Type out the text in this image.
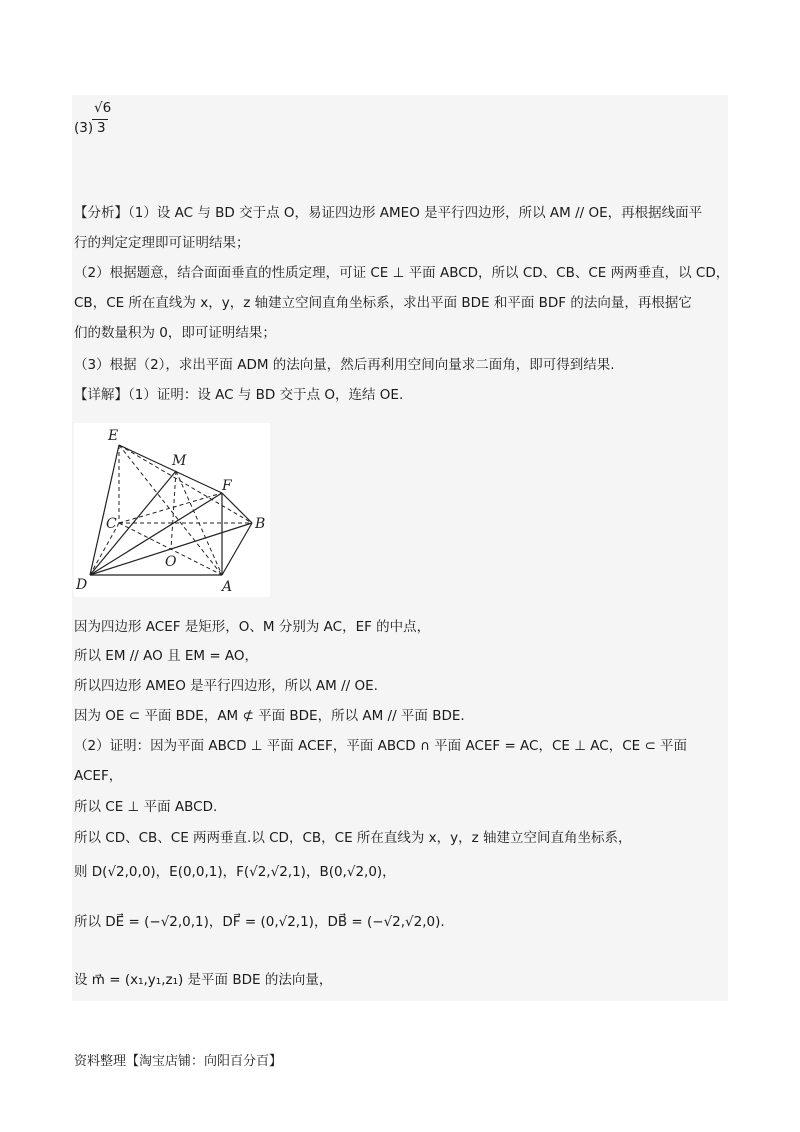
(3)
√6
3
【分析】（1）设 AC 与 BD 交于点 O，易证四边形 AMEO 是平行四边形，所以 AM // OE，再根据线面平
行的判定定理即可证明结果；
（2）根据题意，结合面面垂直的性质定理，可证 CE ⊥ 平面 ABCD，所以 CD、CB、CE 两两垂直，以 CD，
CB，CE 所在直线为 x，y，z 轴建立空间直角坐标系，求出平面 BDE 和平面 BDF 的法向量，再根据它
们的数量积为 0，即可证明结果；
（3）根据（2），求出平面 ADM 的法向量，然后再利用空间向量求二面角，即可得到结果.
【详解】（1）证明：设 AC 与 BD 交于点 O，连结 OE.
E
M
F
C	B
O
D	A
因为四边形 ACEF 是矩形，O、M 分别为 AC，EF 的中点，
所以 EM // AO 且 EM = AO，
所以四边形 AMEO 是平行四边形，所以 AM // OE.
因为 OE ⊂ 平面 BDE，AM ⊄ 平面 BDE，所以 AM // 平面 BDE.
（2）证明：因为平面 ABCD ⊥ 平面 ACEF，平面 ABCD ∩ 平面 ACEF = AC，CE ⊥ AC，CE ⊂ 平面
ACEF，
所以 CE ⊥ 平面 ABCD.
所以 CD、CB、CE 两两垂直.以 CD，CB，CE 所在直线为 x，y，z 轴建立空间直角坐标系，
则 D(√2,0,0)，E(0,0,1)，F(√2,√2,1)，B(0,√2,0)，
所以 DE⃗ = (−√2,0,1)，DF⃗ = (0,√2,1)，DB⃗ = (−√2,√2,0).
设 m⃗ = (x₁,y₁,z₁) 是平面 BDE 的法向量，
资料整理【淘宝店铺：向阳百分百】
